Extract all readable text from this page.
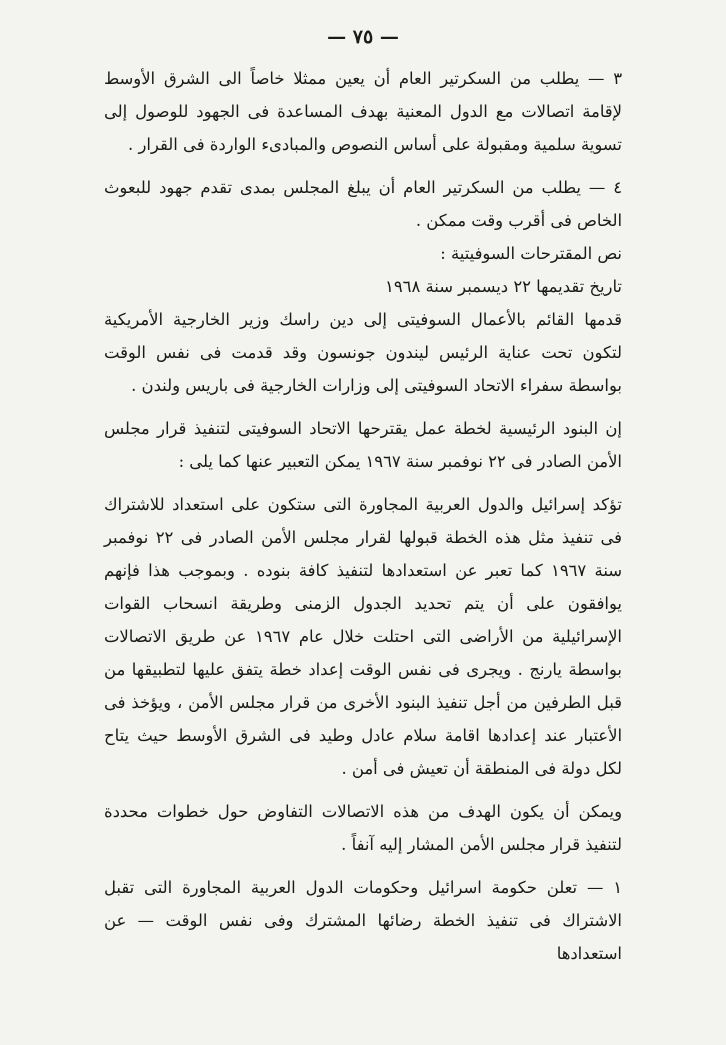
— ٧٥ —

٣ — يطلب من السكرتير العام أن يعين ممثلا خاصاً الى الشرق الأوسط لإقامة اتصالات مع الدول المعنية بهدف المساعدة فى الجهود للوصول إلى تسوية سلمية ومقبولة على أساس النصوص والمبادىء الواردة فى القرار .

٤ — يطلب من السكرتير العام أن يبلغ المجلس بمدى تقدم جهود للبعوث الخاص فى أقرب وقت ممكن .

نص المقترحات السوفيتية :

تاريخ تقديمها ٢٢ ديسمبر سنة ١٩٦٨

قدمها القائم بالأعمال السوفيتى إلى دين راسك وزير الخارجية الأمريكية لتكون تحت عناية الرئيس ليندون جونسون وقد قدمت فى نفس الوقت بواسطة سفراء الاتحاد السوفيتى إلى وزارات الخارجية فى باريس ولندن .

إن البنود الرئيسية لخطة عمل يقترحها الاتحاد السوفيتى لتنفيذ قرار مجلس الأمن الصادر فى ٢٢ نوفمبر سنة ١٩٦٧ يمكن التعبير عنها كما يلى :

تؤكد إسرائيل والدول العربية المجاورة التى ستكون على استعداد للاشتراك فى تنفيذ مثل هذه الخطة قبولها لقرار مجلس الأمن الصادر فى ٢٢ نوفمبر سنة ١٩٦٧ كما تعبر عن استعدادها لتنفيذ كافة بنوده . وبموجب هذا فإنهم يوافقون على أن يتم تحديد الجدول الزمنى وطريقة انسحاب القوات الإسرائيلية من الأراضى التى احتلت خلال عام ١٩٦٧ عن طريق الاتصالات بواسطة يارنج . ويجرى فى نفس الوقت إعداد خطة يتفق عليها لتطبيقها من قبل الطرفين من أجل تنفيذ البنود الأخرى من قرار مجلس الأمن ، ويؤخذ فى الأعتبار عند إعدادها اقامة سلام عادل وطيد فى الشرق الأوسط حيث يتاح لكل دولة فى المنطقة أن تعيش فى أمن .

ويمكن أن يكون الهدف من هذه الاتصالات التفاوض حول خطوات محددة لتنفيذ قرار مجلس الأمن المشار إليه آنفاً .

١ — تعلن حكومة اسرائيل وحكومات الدول العربية المجاورة التى تقبل الاشتراك فى تنفيذ الخطة رضائها المشترك وفى نفس الوقت — عن استعدادها
